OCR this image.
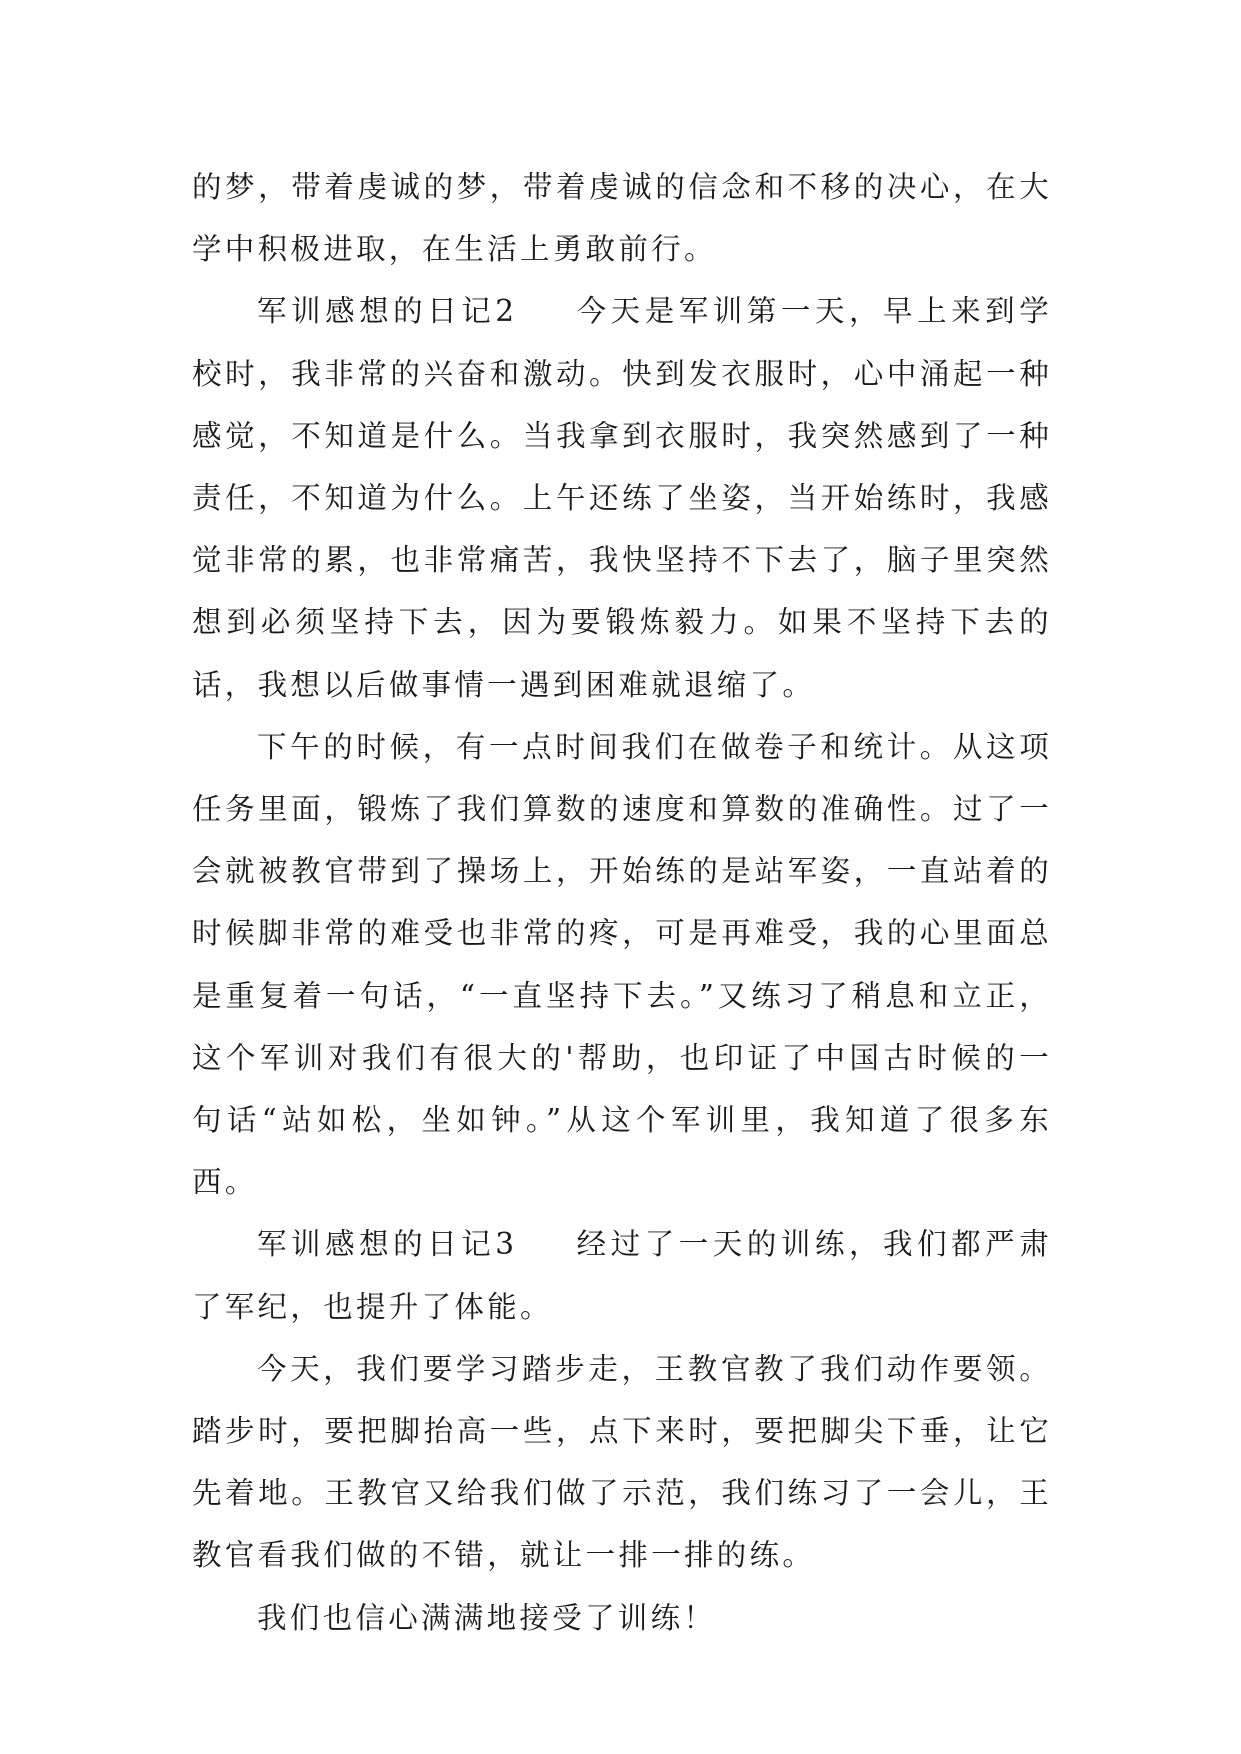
的梦，带着虔诚的梦，带着虔诚的信念和不移的决心，在大学中积极进取，在生活上勇敢前行。

军训感想的日记2 今天是军训第一天，早上来到学校时，我非常的兴奋和激动。快到发衣服时，心中涌起一种感觉，不知道是什么。当我拿到衣服时，我突然感到了一种责任，不知道为什么。上午还练了坐姿，当开始练时，我感觉非常的累，也非常痛苦，我快坚持不下去了，脑子里突然想到必须坚持下去，因为要锻炼毅力。如果不坚持下去的话，我想以后做事情一遇到困难就退缩了。

下午的时候，有一点时间我们在做卷子和统计。从这项任务里面，锻炼了我们算数的速度和算数的准确性。过了一会就被教官带到了操场上，开始练的是站军姿，一直站着的时候脚非常的难受也非常的疼，可是再难受，我的心里面总是重复着一句话，“一直坚持下去。”又练习了稍息和立正，这个军训对我们有很大的'帮助，也印证了中国古时候的一句话“站如松，坐如钟。”从这个军训里，我知道了很多东西。

军训感想的日记3 经过了一天的训练，我们都严肃了军纪，也提升了体能。

今天，我们要学习踏步走，王教官教了我们动作要领。踏步时，要把脚抬高一些，点下来时，要把脚尖下垂，让它先着地。王教官又给我们做了示范，我们练习了一会儿，王教官看我们做的不错，就让一排一排的练。

我们也信心满满地接受了训练！
